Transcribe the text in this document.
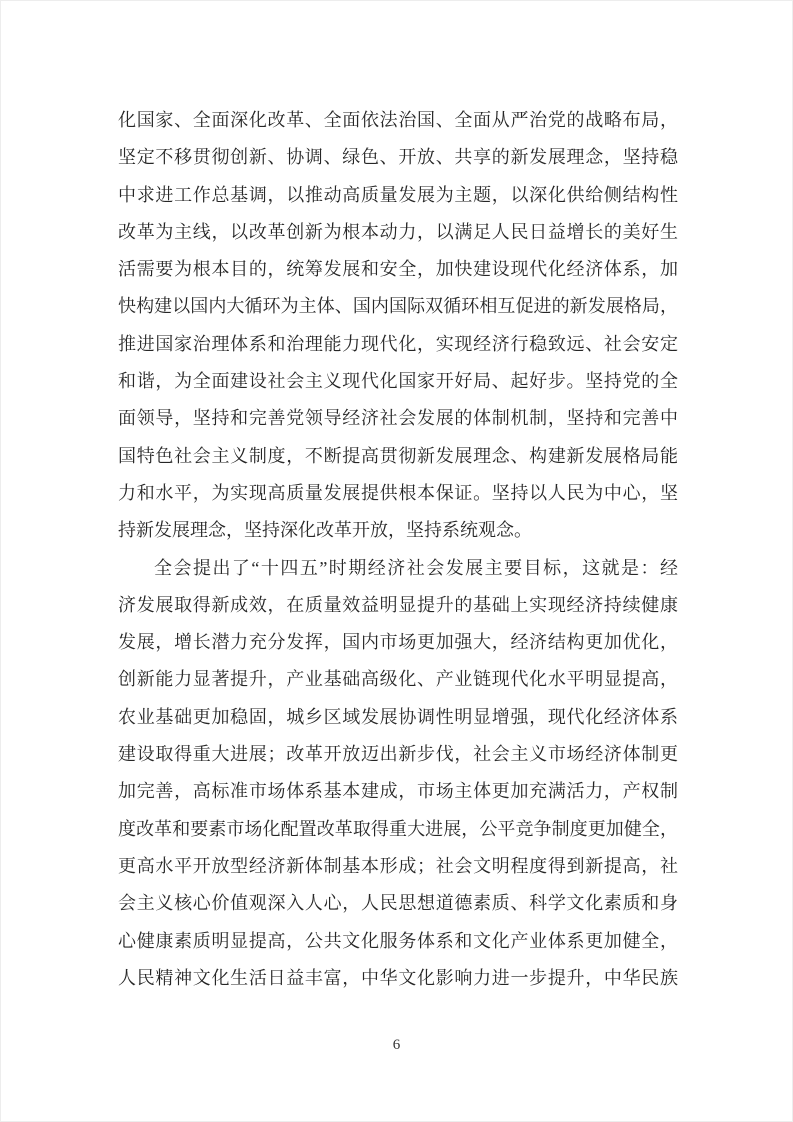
化国家、全面深化改革、全面依法治国、全面从严治党的战略布局，
坚定不移贯彻创新、协调、绿色、开放、共享的新发展理念，坚持稳
中求进工作总基调，以推动高质量发展为主题，以深化供给侧结构性
改革为主线，以改革创新为根本动力，以满足人民日益增长的美好生
活需要为根本目的，统筹发展和安全，加快建设现代化经济体系，加
快构建以国内大循环为主体、国内国际双循环相互促进的新发展格局，
推进国家治理体系和治理能力现代化，实现经济行稳致远、社会安定
和谐，为全面建设社会主义现代化国家开好局、起好步。坚持党的全
面领导，坚持和完善党领导经济社会发展的体制机制，坚持和完善中
国特色社会主义制度，不断提高贯彻新发展理念、构建新发展格局能
力和水平，为实现高质量发展提供根本保证。坚持以人民为中心，坚
持新发展理念，坚持深化改革开放，坚持系统观念。
全会提出了“十四五”时期经济社会发展主要目标，这就是：经
济发展取得新成效，在质量效益明显提升的基础上实现经济持续健康
发展，增长潜力充分发挥，国内市场更加强大，经济结构更加优化，
创新能力显著提升，产业基础高级化、产业链现代化水平明显提高，
农业基础更加稳固，城乡区域发展协调性明显增强，现代化经济体系
建设取得重大进展；改革开放迈出新步伐，社会主义市场经济体制更
加完善，高标准市场体系基本建成，市场主体更加充满活力，产权制
度改革和要素市场化配置改革取得重大进展，公平竞争制度更加健全，
更高水平开放型经济新体制基本形成；社会文明程度得到新提高，社
会主义核心价值观深入人心，人民思想道德素质、科学文化素质和身
心健康素质明显提高，公共文化服务体系和文化产业体系更加健全，
人民精神文化生活日益丰富，中华文化影响力进一步提升，中华民族
6
